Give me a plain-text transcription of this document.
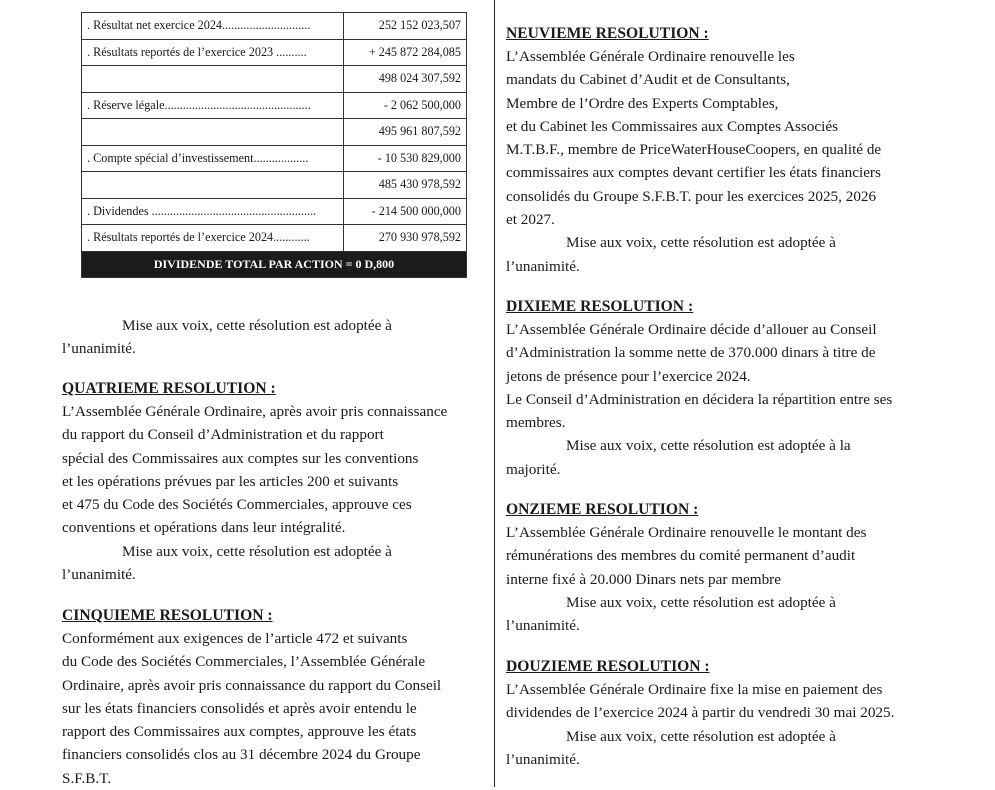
. Résultat net exercice 2024.............................	252 152 023,507
. Résultats reportés de l’exercice 2023 ..........	+ 245 872 284,085
	498 024 307,592
. Réserve légale................................................	- 2 062 500,000
	495 961 807,592
. Compte spécial d’investissement..................	- 10 530 829,000
	485 430 978,592
. Dividendes ......................................................	- 214 500 000,000
. Résultats reportés de l’exercice 2024............	270 930 978,592
DIVIDENDE TOTAL PAR ACTION = 0 D,800	

Mise aux voix, cette résolution est adoptée à

l’unanimité.

QUATRIEME RESOLUTION :

L’Assemblée Générale Ordinaire, après avoir pris connaissance

du rapport du Conseil d’Administration et du rapport

spécial des Commissaires aux comptes sur les conventions

et les opérations prévues par les articles 200 et suivants

et 475 du Code des Sociétés Commerciales, approuve ces

conventions et opérations dans leur intégralité.

Mise aux voix, cette résolution est adoptée à

l’unanimité.

CINQUIEME RESOLUTION :

Conformément aux exigences de l’article 472 et suivants

du Code des Sociétés Commerciales, l’Assemblée Générale

Ordinaire, après avoir pris connaissance du rapport du Conseil

sur les états financiers consolidés et après avoir entendu le

rapport des Commissaires aux comptes, approuve les états

financiers consolidés clos au 31 décembre 2024 du Groupe

S.F.B.T.

NEUVIEME RESOLUTION :

L’Assemblée Générale Ordinaire renouvelle les

mandats du Cabinet d’Audit et de Consultants,

Membre de l’Ordre des Experts Comptables,

et du Cabinet les Commissaires aux Comptes Associés

M.T.B.F., membre de PriceWaterHouseCoopers, en qualité de

commissaires aux comptes devant certifier les états financiers

consolidés du Groupe S.F.B.T. pour les exercices 2025, 2026

et 2027.

Mise aux voix, cette résolution est adoptée à

l’unanimité.

DIXIEME RESOLUTION :

L’Assemblée Générale Ordinaire décide d’allouer au Conseil

d’Administration la somme nette de 370.000 dinars à titre de

jetons de présence pour l’exercice 2024.

Le Conseil d’Administration en décidera la répartition entre ses

membres.

Mise aux voix, cette résolution est adoptée à la

majorité.

ONZIEME RESOLUTION :

L’Assemblée Générale Ordinaire renouvelle le montant des

rémunérations des membres du comité permanent d’audit

interne fixé à 20.000 Dinars nets par membre

Mise aux voix, cette résolution est adoptée à

l’unanimité.

DOUZIEME RESOLUTION :

L’Assemblée Générale Ordinaire fixe la mise en paiement des

dividendes de l’exercice 2024 à partir du vendredi 30 mai 2025.

Mise aux voix, cette résolution est adoptée à

l’unanimité.
